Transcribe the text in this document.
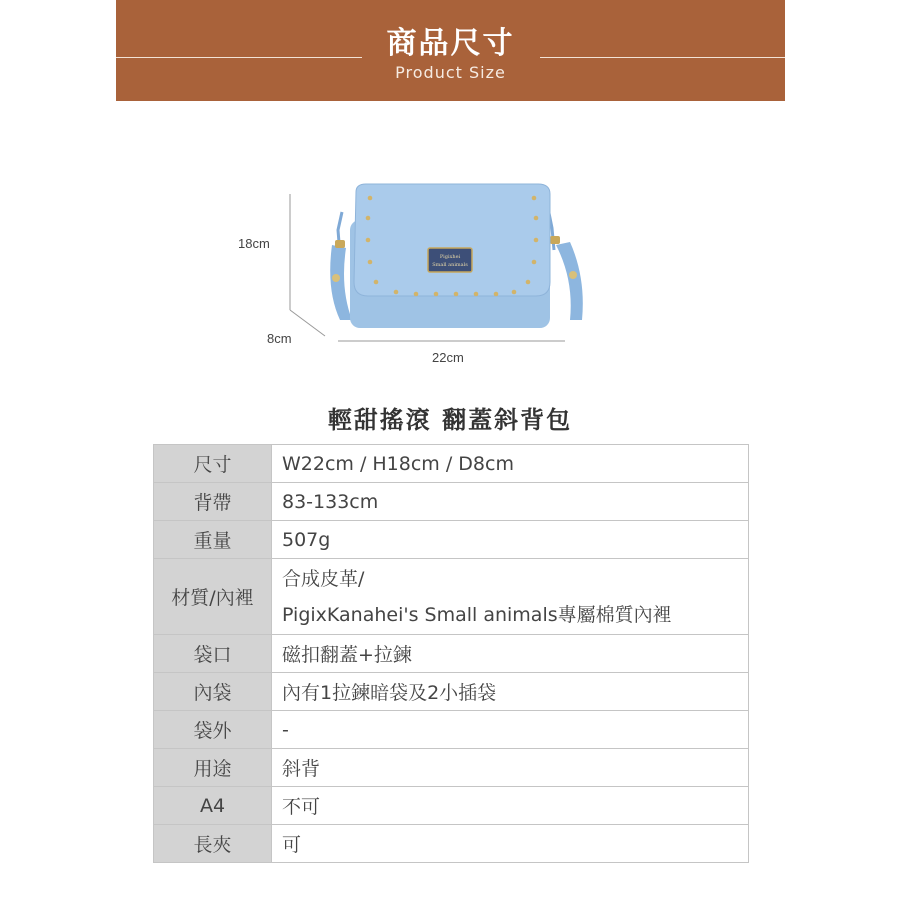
商品尺寸
Product Size
18cm
8cm
22cm
Pigixhei
Small animals
輕甜搖滾 翻蓋斜背包
尺寸	W22cm / H18cm / D8cm
背帶	83-133cm
重量	507g
材質/內裡	合成皮革/
PigixKanahei's Small animals專屬棉質內裡

袋口	磁扣翻蓋+拉鍊
內袋	內有1拉鍊暗袋及2小插袋
袋外	-
用途	斜背
A4	不可
長夾	可
